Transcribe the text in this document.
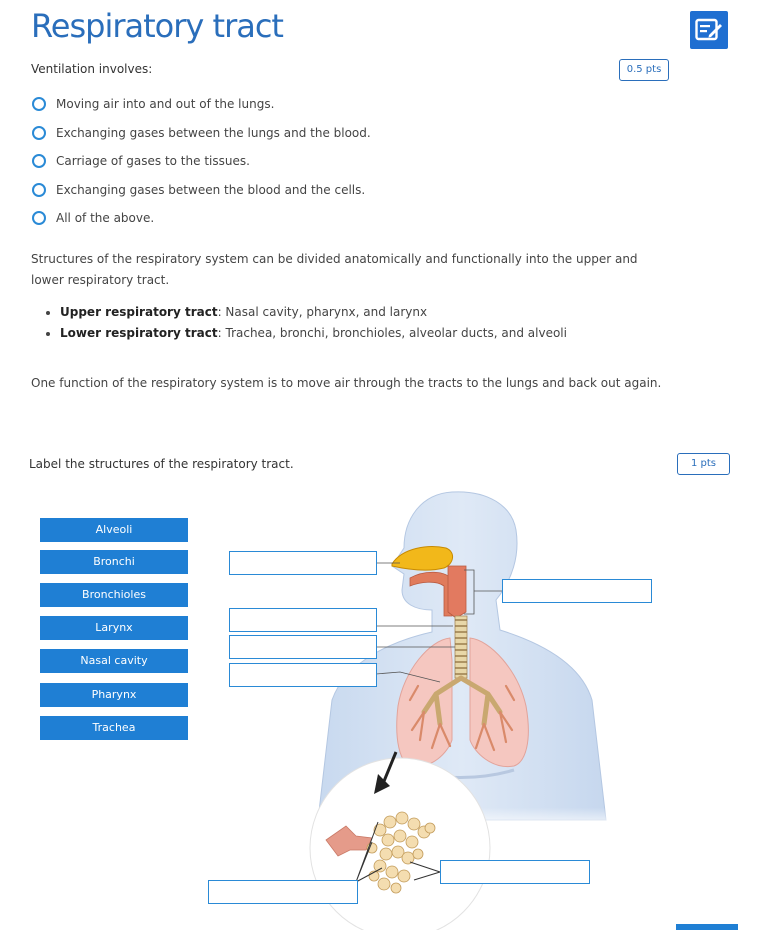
Respiratory tract
Ventilation involves:	0.5 pts
Moving air into and out of the lungs.
Exchanging gases between the lungs and the blood.
Carriage of gases to the tissues.
Exchanging gases between the blood and the cells.
All of the above.
Structures of the respiratory system can be divided anatomically and functionally into the upper and lower respiratory tract.
• Upper respiratory tract: Nasal cavity, pharynx, and larynx
• Lower respiratory tract: Trachea, bronchi, bronchioles, alveolar ducts, and alveoli
One function of the respiratory system is to move air through the tracts to the lungs and back out again.
Label the structures of the respiratory tract.	1 pts
Alveoli
Bronchi
Bronchioles
Larynx
Nasal cavity
Pharynx
Trachea
